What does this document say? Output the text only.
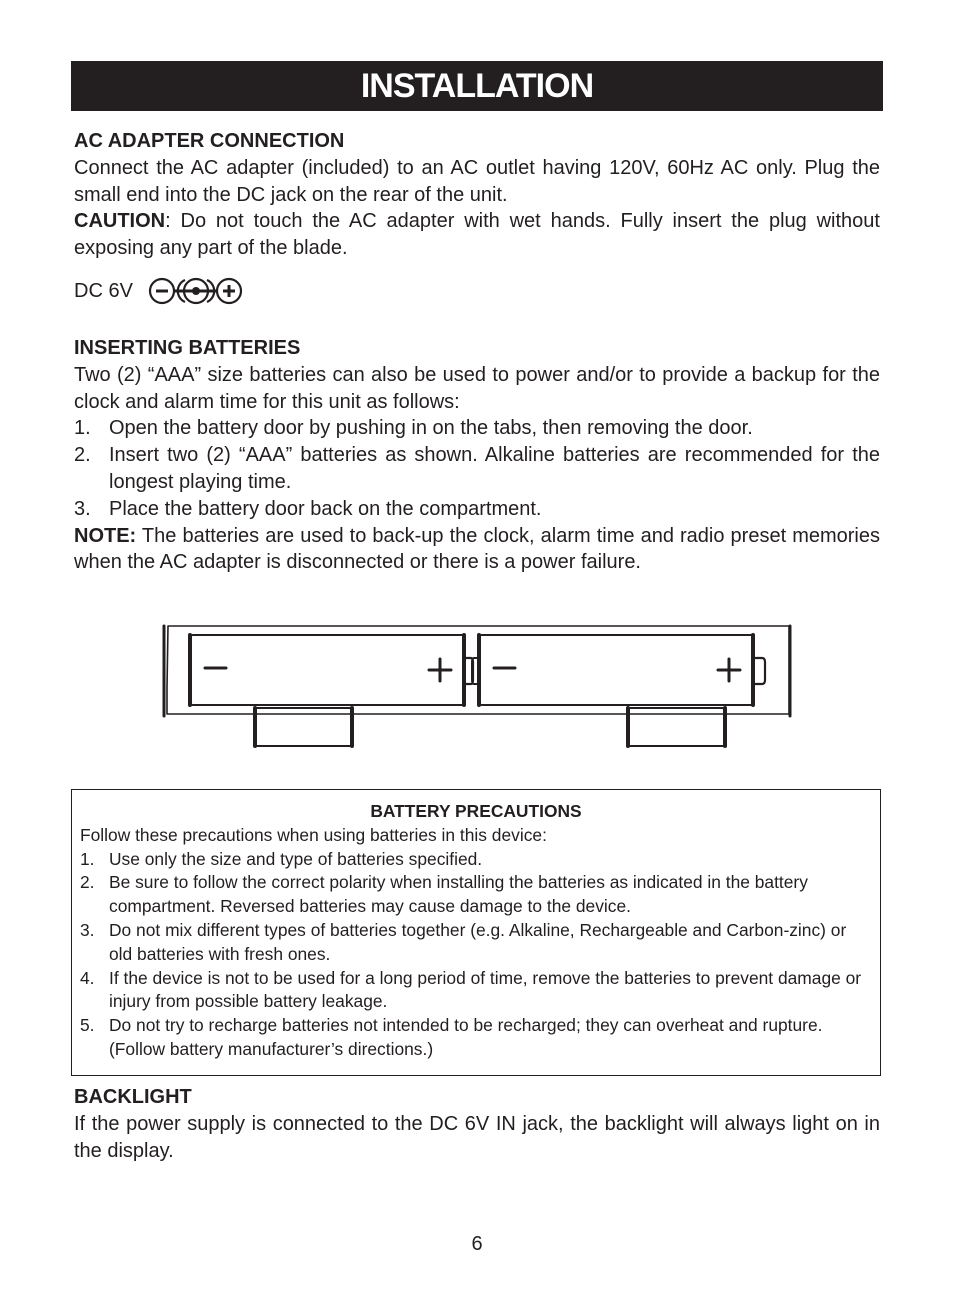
INSTALLATION
AC ADAPTER CONNECTION
Connect the AC adapter (included) to an AC outlet having 120V, 60Hz AC only. Plug the small end into the DC jack on the rear of the unit.
CAUTION: Do not touch the AC adapter with wet hands. Fully insert the plug without exposing any part of the blade.
DC 6V
INSERTING BATTERIES
Two (2) “AAA” size batteries can also be used to power and/or to provide a backup for the clock and alarm time for this unit as follows:
1. Open the battery door by pushing in on the tabs, then removing the door.
2. Insert two (2) “AAA” batteries as shown. Alkaline batteries are recommended for the longest playing time.
3. Place the battery door back on the compartment.
NOTE: The batteries are used to back-up the clock, alarm time and radio preset memories when the AC adapter is disconnected or there is a power failure.
BATTERY PRECAUTIONS
Follow these precautions when using batteries in this device:
1. Use only the size and type of batteries specified.
2. Be sure to follow the correct polarity when installing the batteries as indicated in the battery compartment. Reversed batteries may cause damage to the device.
3. Do not mix different types of batteries together (e.g. Alkaline, Rechargeable and Carbon-zinc) or old batteries with fresh ones.
4. If the device is not to be used for a long period of time, remove the batteries to prevent damage or injury from possible battery leakage.
5. Do not try to recharge batteries not intended to be recharged; they can overheat and rupture. (Follow battery manufacturer’s directions.)
BACKLIGHT
If the power supply is connected to the DC 6V IN jack, the backlight will always light on in the display.
6
